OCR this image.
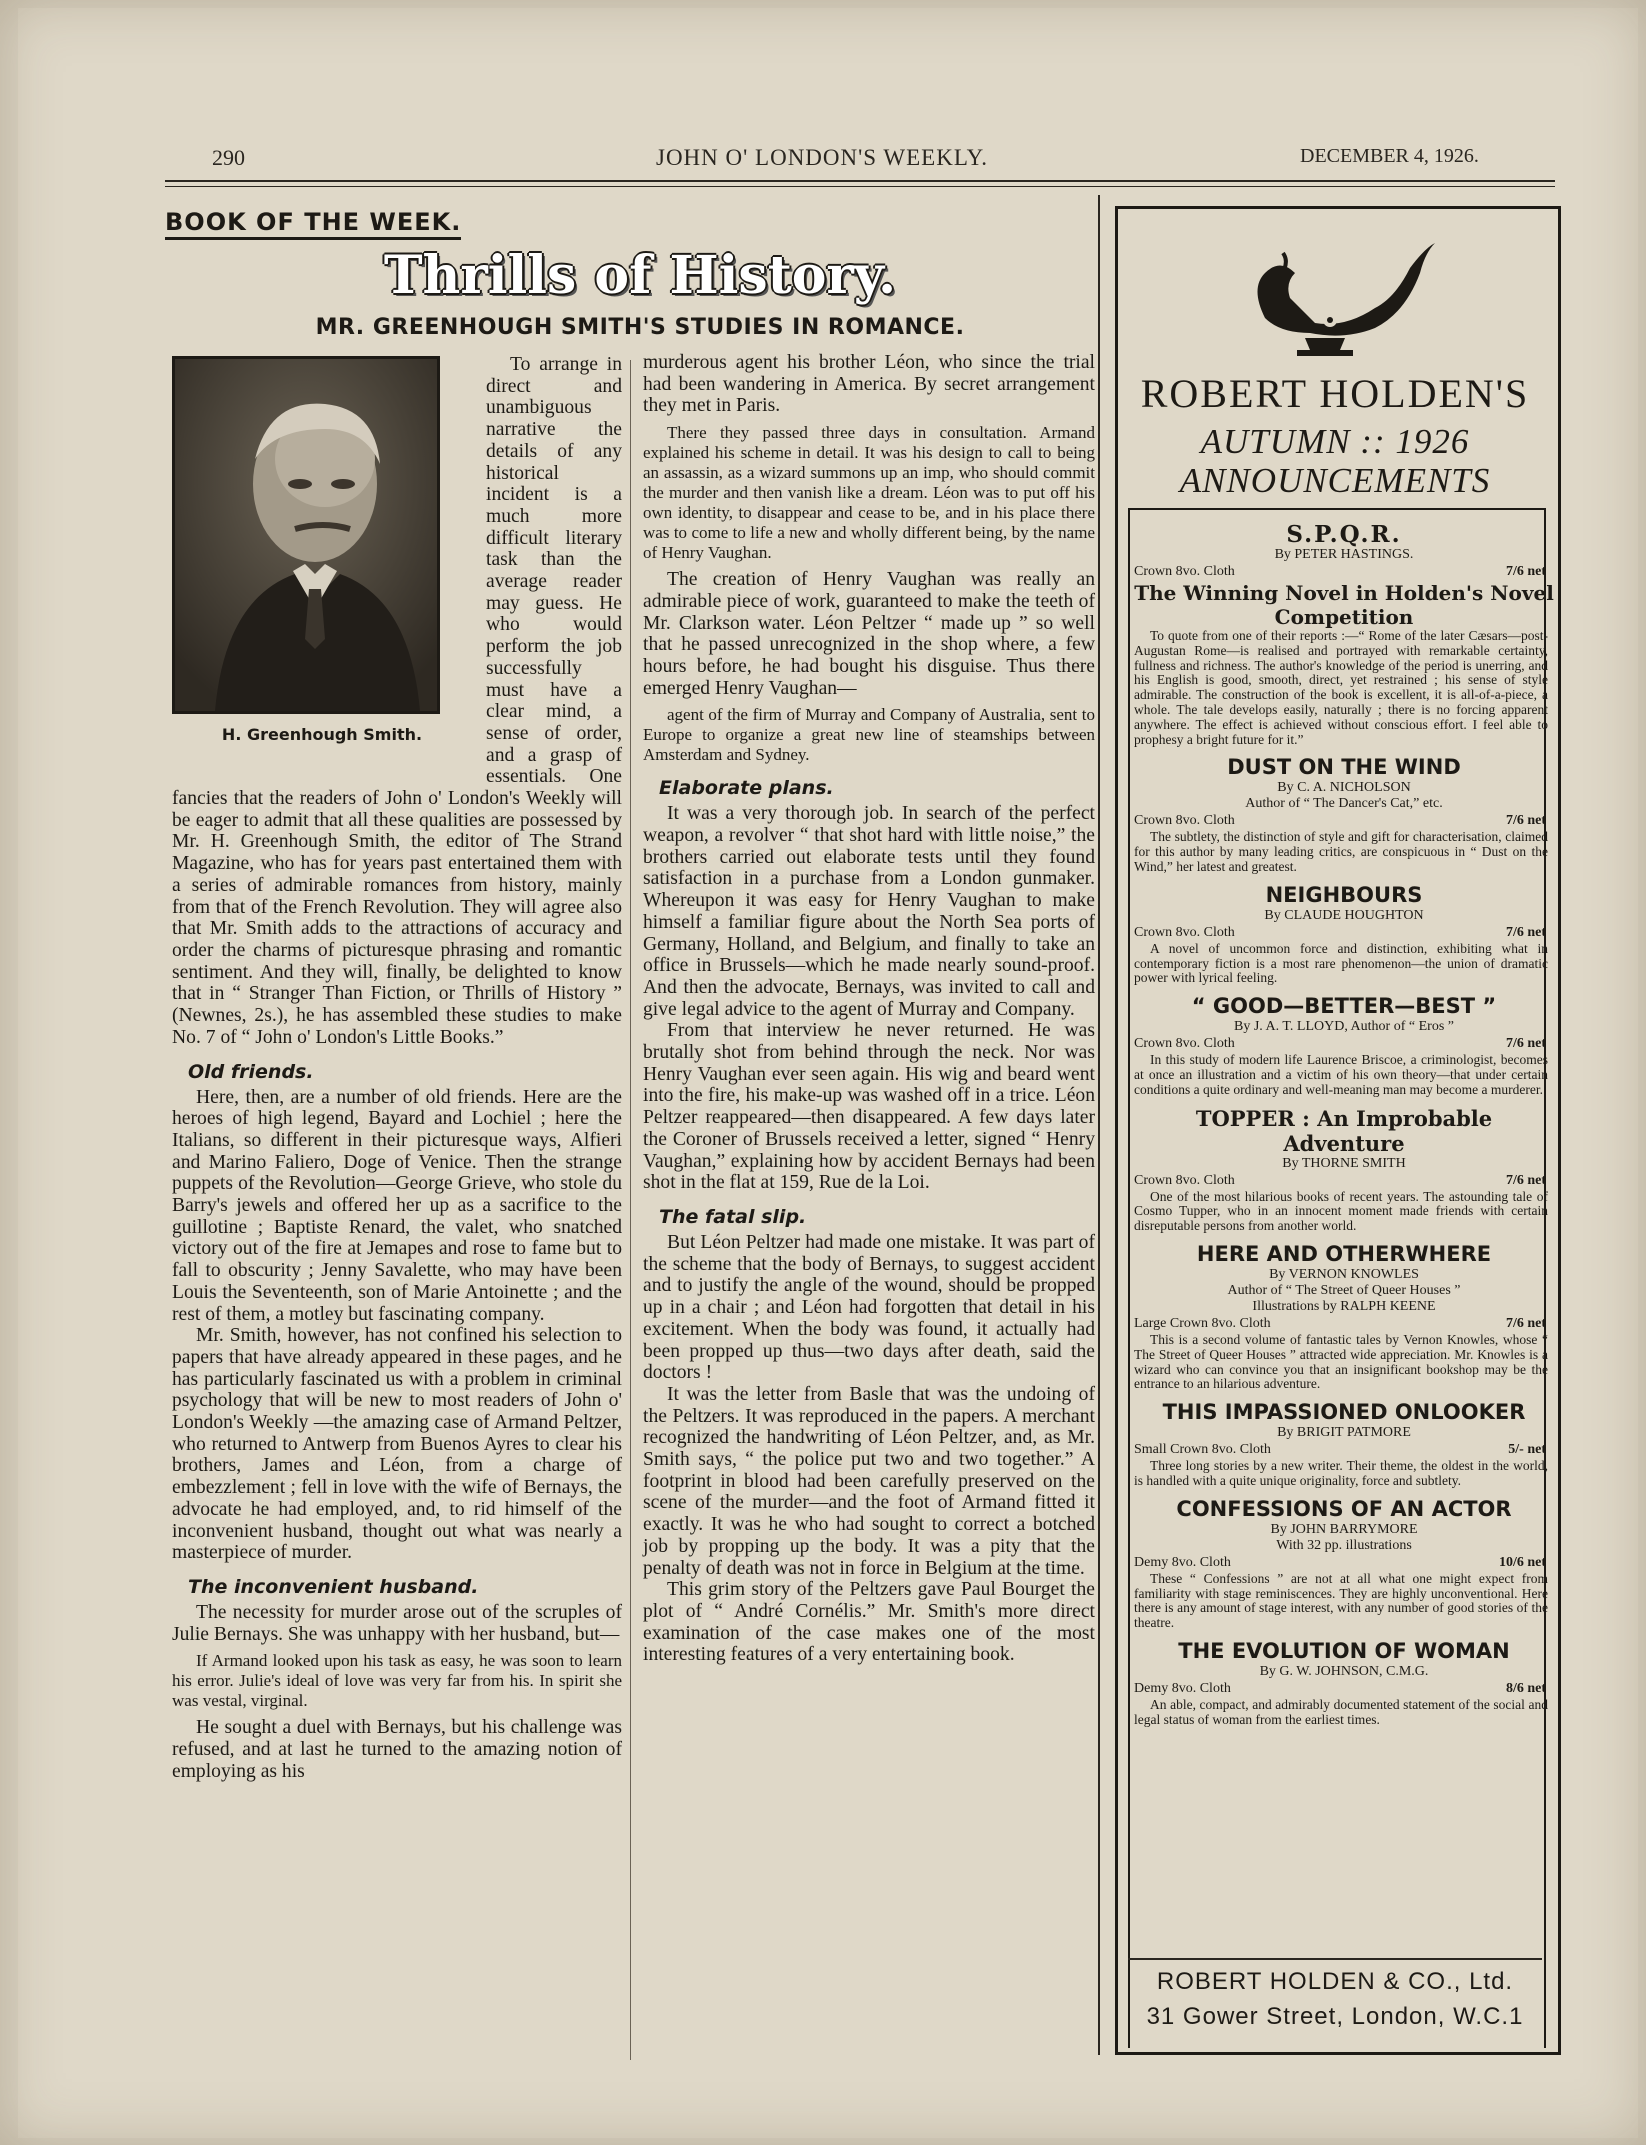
290	JOHN O' LONDON'S WEEKLY.	DECEMBER 4, 1926.
BOOK OF THE WEEK.
Thrills of History.
MR. GREENHOUGH SMITH'S STUDIES IN ROMANCE.
H. Greenhough Smith.

To arrange in direct and unambiguous narrative the details of any historical incident is a much more difficult literary task than the average reader may guess. He who would perform the job successfully must have a clear mind, a sense of order, and a grasp of essentials. One fancies that the readers of John o' London's Weekly will be eager to admit that all these qualities are possessed by Mr. H. Greenhough Smith, the editor of The Strand Magazine, who has for years past entertained them with a series of admirable romances from history, mainly from that of the French Revolution. They will agree also that Mr. Smith adds to the attractions of accuracy and order the charms of picturesque phrasing and romantic sentiment. And they will, finally, be delighted to know that in “ Stranger Than Fiction, or Thrills of History ” (Newnes, 2s.), he has assembled these studies to make No. 7 of “ John o' London's Little Books.”

Old friends.

Here, then, are a number of old friends. Here are the heroes of high legend, Bayard and Lochiel ; here the Italians, so different in their picturesque ways, Alfieri and Marino Faliero, Doge of Venice. Then the strange puppets of the Revolution—George Grieve, who stole du Barry's jewels and offered her up as a sacrifice to the guillotine ; Baptiste Renard, the valet, who snatched victory out of the fire at Jemapes and rose to fame but to fall to obscurity ; Jenny Savalette, who may have been Louis the Seventeenth, son of Marie Antoinette ; and the rest of them, a motley but fascinating company.

Mr. Smith, however, has not confined his selection to papers that have already appeared in these pages, and he has particularly fascinated us with a problem in criminal psychology that will be new to most readers of John o' London's Weekly —the amazing case of Armand Peltzer, who returned to Antwerp from Buenos Ayres to clear his brothers, James and Léon, from a charge of embezzlement ; fell in love with the wife of Bernays, the advocate he had employed, and, to rid himself of the inconvenient husband, thought out what was nearly a masterpiece of murder.

The inconvenient husband.

The necessity for murder arose out of the scruples of Julie Bernays. She was unhappy with her husband, but—

If Armand looked upon his task as easy, he was soon to learn his error. Julie's ideal of love was very far from his. In spirit she was vestal, virginal.

He sought a duel with Bernays, but his challenge was refused, and at last he turned to the amazing notion of employing as his

murderous agent his brother Léon, who since the trial had been wandering in America. By secret arrangement they met in Paris.

There they passed three days in consultation. Armand explained his scheme in detail. It was his design to call to being an assassin, as a wizard summons up an imp, who should commit the murder and then vanish like a dream. Léon was to put off his own identity, to disappear and cease to be, and in his place there was to come to life a new and wholly different being, by the name of Henry Vaughan.

The creation of Henry Vaughan was really an admirable piece of work, guaranteed to make the teeth of Mr. Clarkson water. Léon Peltzer “ made up ” so well that he passed unrecognized in the shop where, a few hours before, he had bought his disguise. Thus there emerged Henry Vaughan—

agent of the firm of Murray and Company of Australia, sent to Europe to organize a great new line of steamships between Amsterdam and Sydney.

Elaborate plans.

It was a very thorough job. In search of the perfect weapon, a revolver “ that shot hard with little noise,” the brothers carried out elaborate tests until they found satisfaction in a purchase from a London gunmaker. Whereupon it was easy for Henry Vaughan to make himself a familiar figure about the North Sea ports of Germany, Holland, and Belgium, and finally to take an office in Brussels—which he made nearly sound-proof. And then the advocate, Bernays, was invited to call and give legal advice to the agent of Murray and Company.

From that interview he never returned. He was brutally shot from behind through the neck. Nor was Henry Vaughan ever seen again. His wig and beard went into the fire, his make-up was washed off in a trice. Léon Peltzer reappeared—then disappeared. A few days later the Coroner of Brussels received a letter, signed “ Henry Vaughan,” explaining how by accident Bernays had been shot in the flat at 159, Rue de la Loi.

The fatal slip.

But Léon Peltzer had made one mistake. It was part of the scheme that the body of Bernays, to suggest accident and to justify the angle of the wound, should be propped up in a chair ; and Léon had forgotten that detail in his excitement. When the body was found, it actually had been propped up thus—two days after death, said the doctors !

It was the letter from Basle that was the undoing of the Peltzers. It was reproduced in the papers. A merchant recognized the handwriting of Léon Peltzer, and, as Mr. Smith says, “ the police put two and two together.” A footprint in blood had been carefully preserved on the scene of the murder—and the foot of Armand fitted it exactly. It was he who had sought to correct a botched job by propping up the body. It was a pity that the penalty of death was not in force in Belgium at the time.

This grim story of the Peltzers gave Paul Bourget the plot of “ André Cornélis.” Mr. Smith's more direct examination of the case makes one of the most interesting features of a very entertaining book.

ROBERT HOLDEN'S
AUTUMN :: 1926
ANNOUNCEMENTS
S.P.Q.R.
By PETER HASTINGS.
Crown 8vo. Cloth	7/6 net
The Winning Novel in Holden's Novel Competition
To quote from one of their reports :—“ Rome of the later Cæsars—post-Augustan Rome—is realised and portrayed with remarkable certainty, fullness and richness. The author's knowledge of the period is unerring, and his English is good, smooth, direct, yet restrained ; his sense of style admirable. The construction of the book is excellent, it is all-of-a-piece, a whole. The tale develops easily, naturally ; there is no forcing apparent anywhere. The effect is achieved without conscious effort. I feel able to prophesy a bright future for it.”
DUST ON THE WIND
By C. A. NICHOLSON
Author of “ The Dancer's Cat,” etc.
Crown 8vo. Cloth	7/6 net
The subtlety, the distinction of style and gift for characterisation, claimed for this author by many leading critics, are conspicuous in “ Dust on the Wind,” her latest and greatest.
NEIGHBOURS
By CLAUDE HOUGHTON
Crown 8vo. Cloth	7/6 net
A novel of uncommon force and distinction, exhibiting what in contemporary fiction is a most rare phenomenon—the union of dramatic power with lyrical feeling.
“ GOOD—BETTER—BEST ”
By J. A. T. LLOYD, Author of “ Eros ”
Crown 8vo. Cloth	7/6 net
In this study of modern life Laurence Briscoe, a criminologist, becomes at once an illustration and a victim of his own theory—that under certain conditions a quite ordinary and well-meaning man may become a murderer.
TOPPER : An Improbable Adventure
By THORNE SMITH
Crown 8vo. Cloth	7/6 net
One of the most hilarious books of recent years. The astounding tale of Cosmo Tupper, who in an innocent moment made friends with certain disreputable persons from another world.
HERE AND OTHERWHERE
By VERNON KNOWLES
Author of “ The Street of Queer Houses ”
Illustrations by RALPH KEENE
Large Crown 8vo. Cloth	7/6 net
This is a second volume of fantastic tales by Vernon Knowles, whose “ The Street of Queer Houses ” attracted wide appreciation. Mr. Knowles is a wizard who can convince you that an insignificant bookshop may be the entrance to an hilarious adventure.
THIS IMPASSIONED ONLOOKER
By BRIGIT PATMORE
Small Crown 8vo. Cloth	5/- net
Three long stories by a new writer. Their theme, the oldest in the world, is handled with a quite unique originality, force and subtlety.
CONFESSIONS OF AN ACTOR
By JOHN BARRYMORE
With 32 pp. illustrations
Demy 8vo. Cloth	10/6 net
These “ Confessions ” are not at all what one might expect from familiarity with stage reminiscences. They are highly unconventional. Here there is any amount of stage interest, with any number of good stories of the theatre.
THE EVOLUTION OF WOMAN
By G. W. JOHNSON, C.M.G.
Demy 8vo. Cloth	8/6 net
An able, compact, and admirably documented statement of the social and legal status of woman from the earliest times.
ROBERT HOLDEN & CO., Ltd.
31 Gower Street, London, W.C.1
